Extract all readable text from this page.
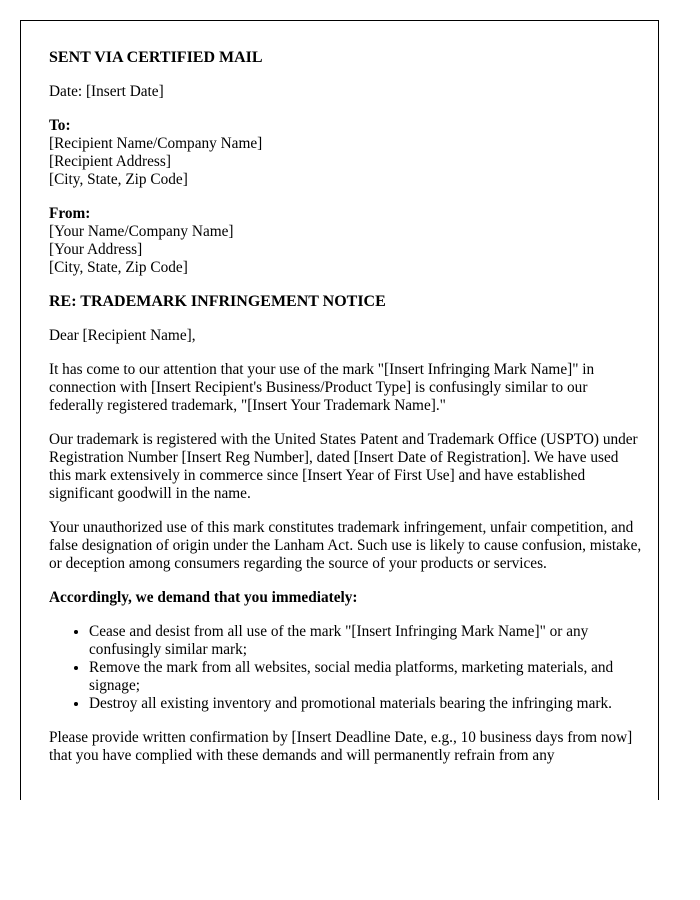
SENT VIA CERTIFIED MAIL
Date: [Insert Date]
To:
[Recipient Name/Company Name]
[Recipient Address]
[City, State, Zip Code]
From:
[Your Name/Company Name]
[Your Address]
[City, State, Zip Code]
RE: TRADEMARK INFRINGEMENT NOTICE

Dear [Recipient Name],

It has come to our attention that your use of the mark "[Insert Infringing Mark Name]" in connection with [Insert Recipient's Business/Product Type] is confusingly similar to our federally registered trademark, "[Insert Your Trademark Name]."

Our trademark is registered with the United States Patent and Trademark Office (USPTO) under Registration Number [Insert Reg Number], dated [Insert Date of Registration]. We have used this mark extensively in commerce since [Insert Year of First Use] and have established significant goodwill in the name.

Your unauthorized use of this mark constitutes trademark infringement, unfair competition, and false designation of origin under the Lanham Act. Such use is likely to cause confusion, mistake, or deception among consumers regarding the source of your products or services.

Accordingly, we demand that you immediately:

• Cease and desist from all use of the mark "[Insert Infringing Mark Name]" or any confusingly similar mark;
• Remove the mark from all websites, social media platforms, marketing materials, and signage;
• Destroy all existing inventory and promotional materials bearing the infringing mark.

Please provide written confirmation by [Insert Deadline Date, e.g., 10 business days from now] that you have complied with these demands and will permanently refrain from any
